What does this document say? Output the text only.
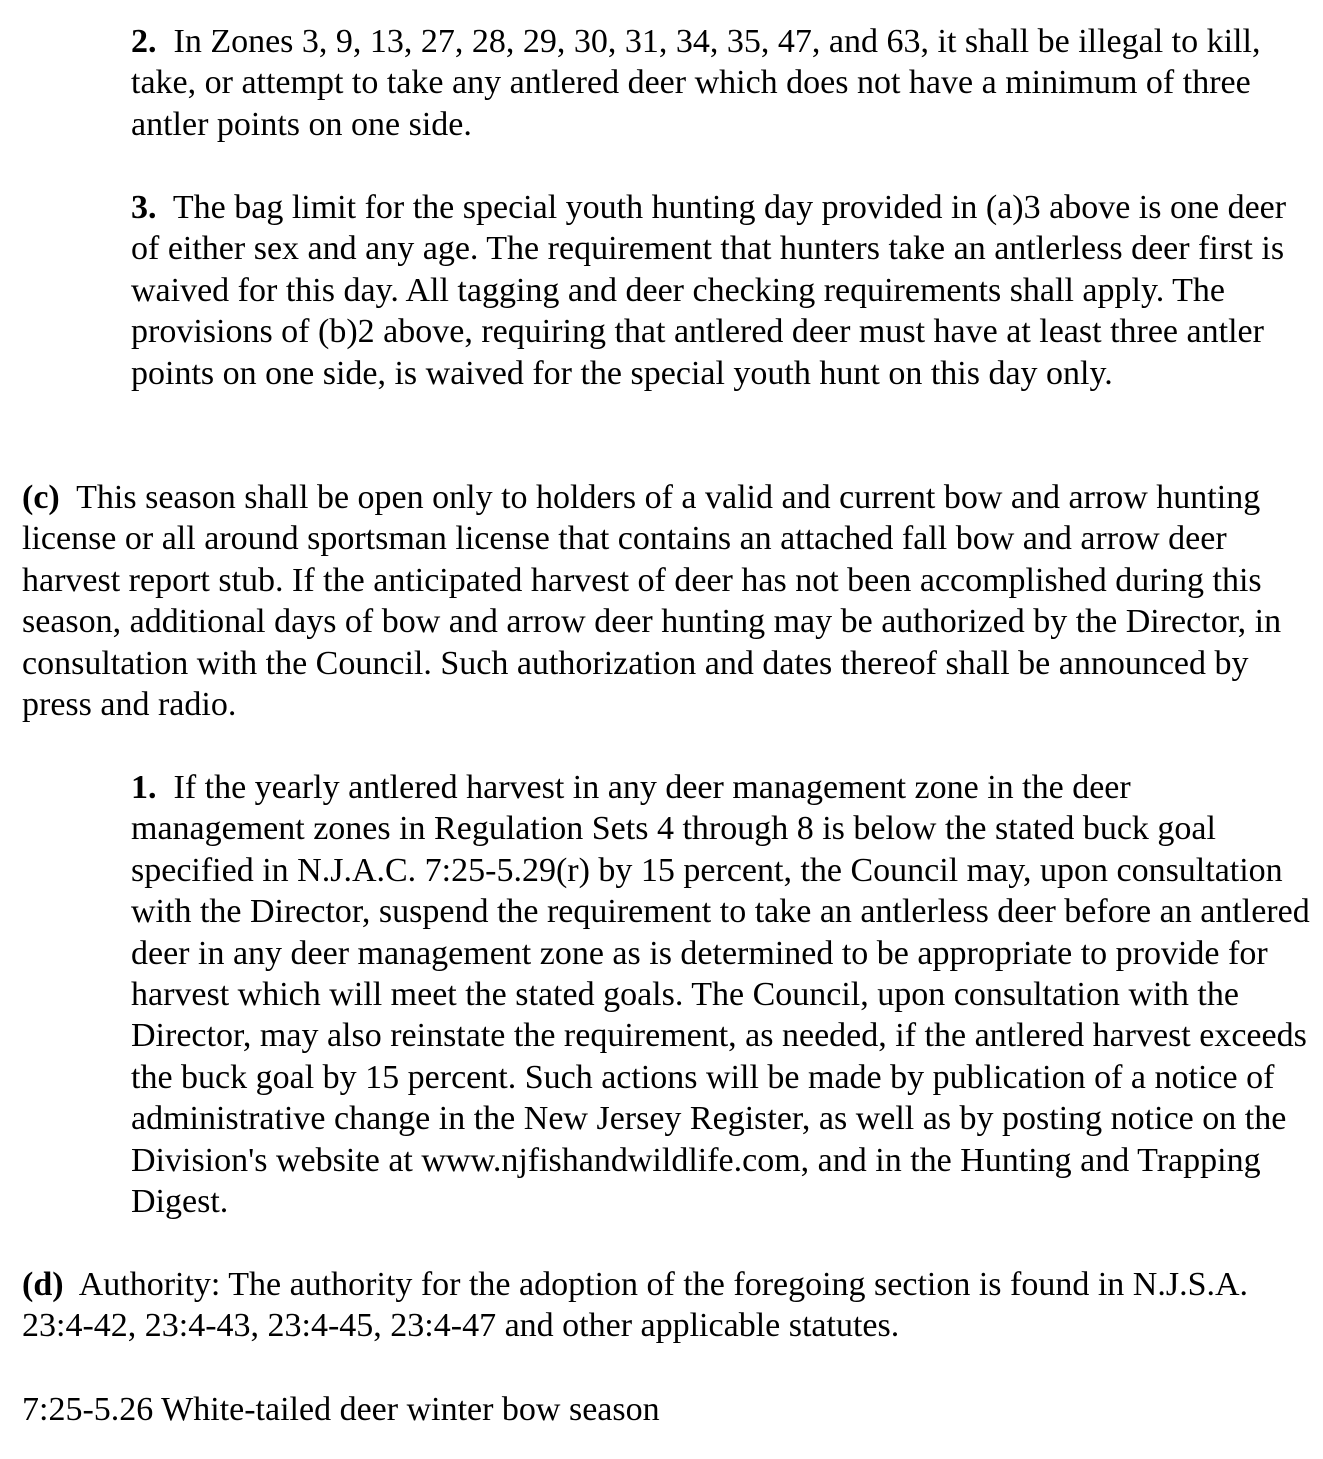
2. In Zones 3, 9, 13, 27, 28, 29, 30, 31, 34, 35, 47, and 63, it shall be illegal to kill, take, or attempt to take any antlered deer which does not have a minimum of three antler points on one side.

3. The bag limit for the special youth hunting day provided in (a)3 above is one deer of either sex and any age. The requirement that hunters take an antlerless deer first is waived for this day. All tagging and deer checking requirements shall apply. The provisions of (b)2 above, requiring that antlered deer must have at least three antler points on one side, is waived for the special youth hunt on this day only.

(c) This season shall be open only to holders of a valid and current bow and arrow hunting license or all around sportsman license that contains an attached fall bow and arrow deer harvest report stub. If the anticipated harvest of deer has not been accomplished during this season, additional days of bow and arrow deer hunting may be authorized by the Director, in consultation with the Council. Such authorization and dates thereof shall be announced by press and radio.

1. If the yearly antlered harvest in any deer management zone in the deer management zones in Regulation Sets 4 through 8 is below the stated buck goal specified in N.J.A.C. 7:25-5.29(r) by 15 percent, the Council may, upon consultation with the Director, suspend the requirement to take an antlerless deer before an antlered deer in any deer management zone as is determined to be appropriate to provide for harvest which will meet the stated goals. The Council, upon consultation with the Director, may also reinstate the requirement, as needed, if the antlered harvest exceeds the buck goal by 15 percent. Such actions will be made by publication of a notice of administrative change in the New Jersey Register, as well as by posting notice on the Division's website at www.njfishandwildlife.com, and in the Hunting and Trapping Digest.

(d) Authority: The authority for the adoption of the foregoing section is found in N.J.S.A. 23:4-42, 23:4-43, 23:4-45, 23:4-47 and other applicable statutes.

7:25-5.26 White-tailed deer winter bow season
